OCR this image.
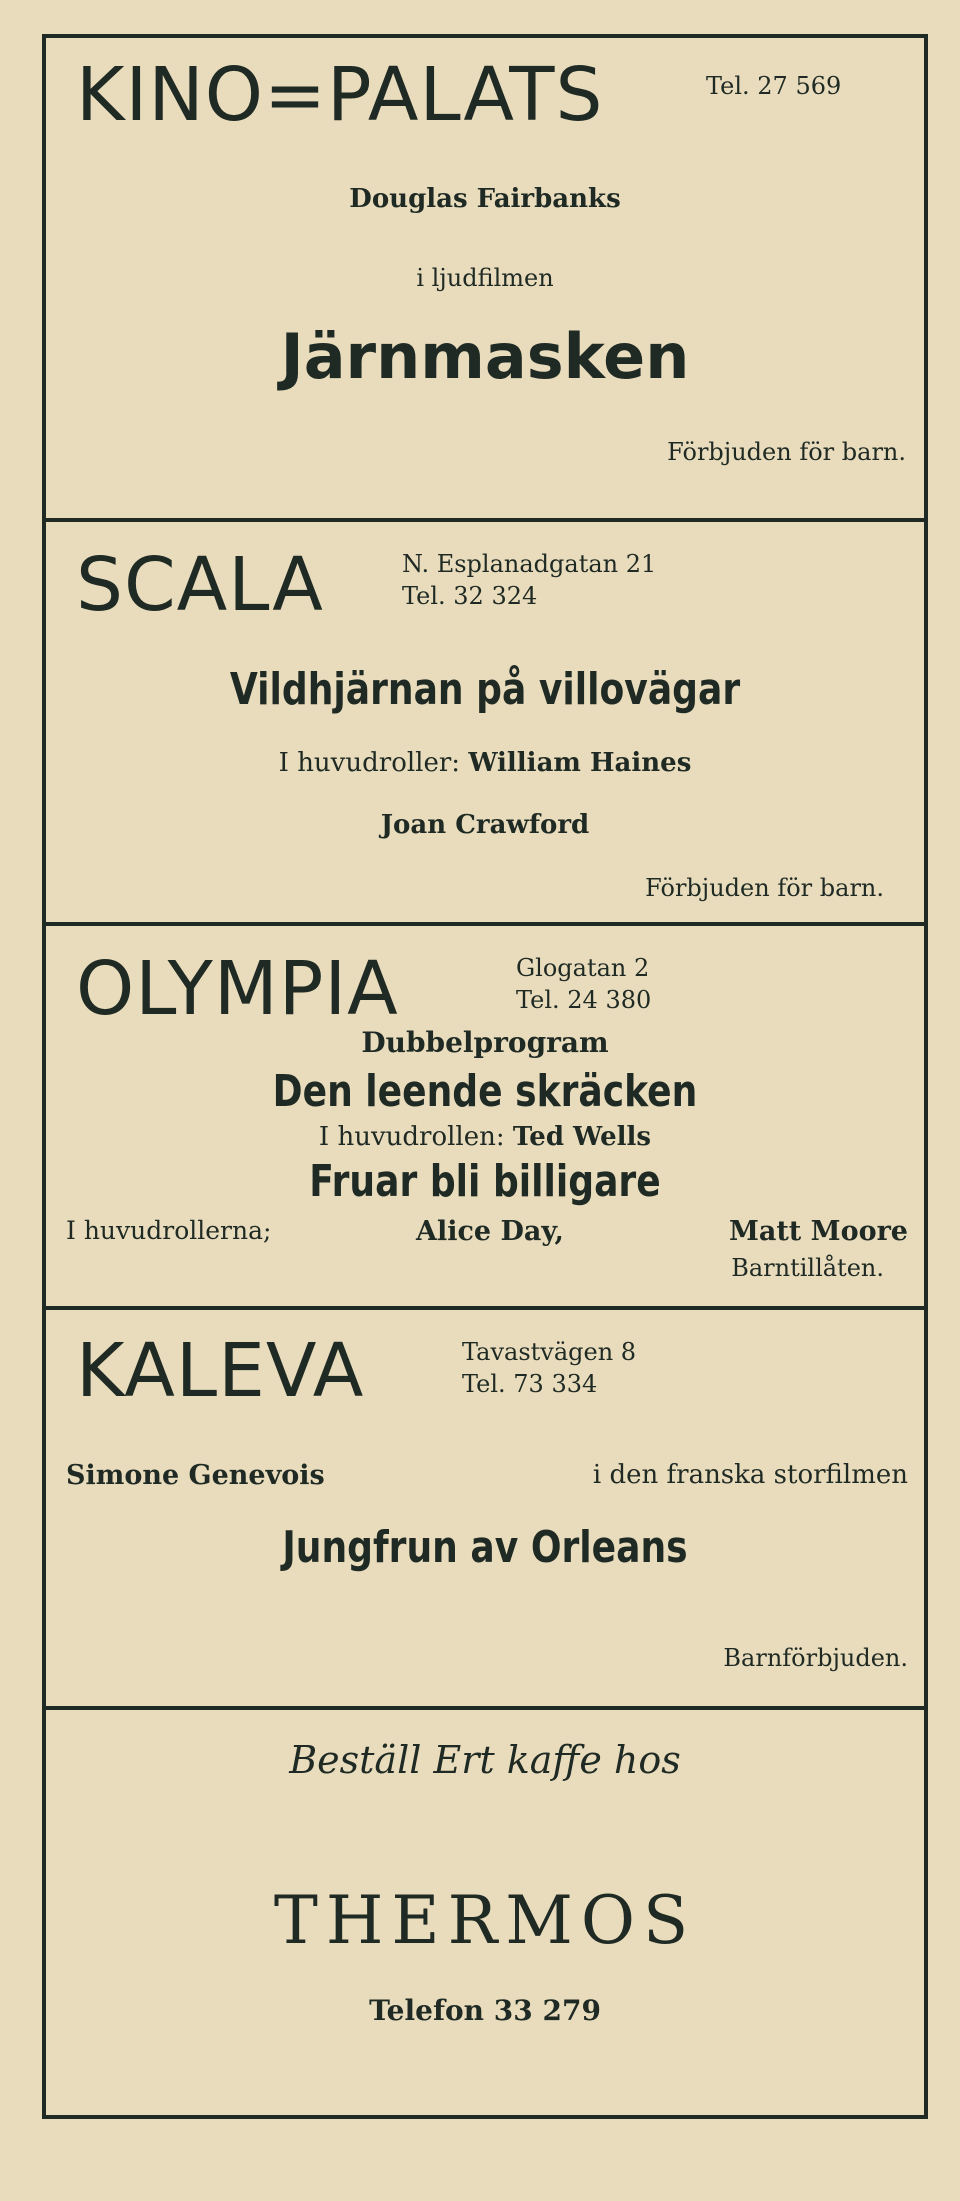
KINO=PALATS	Tel. 27 569
Douglas Fairbanks
i ljudfilmen
Järnmasken
Förbjuden för barn.
SCALA	N. Esplanadgatan 21
Tel. 32 324
Vildhjärnan på villovägar
I huvudroller: William Haines
Joan Crawford
Förbjuden för barn.
OLYMPIA	Glogatan 2
Tel. 24 380
Dubbelprogram
Den leende skräcken
I huvudrollen: Ted Wells
Fruar bli billigare
I huvudrollerna;	Alice Day,	Matt Moore
Barntillåten.
KALEVA	Tavastvägen 8
Tel. 73 334
Simone Genevois	i den franska storfilmen
Jungfrun av Orleans
Barnförbjuden.
Beställ Ert kaffe hos
THERMOS
Telefon 33 279
